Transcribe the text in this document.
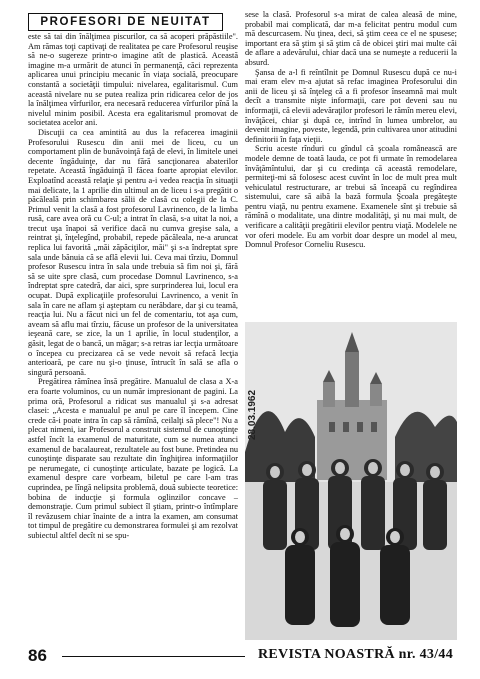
PROFESORI DE NEUITAT

este să tai din înălţimea piscurilor, ca să acoperi prăpăstiile". Am rămas toţi captivaţi de realitatea pe care Profesorul reuşise să ne-o sugereze printr-o imagine atît de plastică. Această imagine m-a urmărit de atunci în permanenţă, căci reprezenta aplicarea unui principiu mecanic în viaţa socială, preocupare constantă a societăţii timpului: nivelarea, egalitarismul. Cum această nivelare nu se putea realiza prin ridicarea celor de jos la înălţimea vîrfurilor, era necesară reducerea vîrfurilor pînă la nivelul minim posibil. Acesta era egalitarismul promovat de societatea acelor ani.

Discuţii ca cea amintită au dus la refacerea imaginii Profesorului Rusescu din anii mei de liceu, cu un comportament plin de bunăvoinţă faţă de elevi, în limitele unei decente îngăduinţe, dar nu fără sancţionarea abaterilor repetate. Această îngăduinţă îl făcea foarte apropiat elevilor. Exploatînd această relaţie şi pentru a-i vedea reacţia în situaţii mai delicate, la 1 aprilie din ultimul an de liceu i s-a pregătit o păcăleală prin schimbarea sălii de clasă cu colegii de la C. Primul venit la clasă a fost profesorul Lavrinenco, de la limba rusă, care avea oră cu C-ul; a intrat în clasă, s-a uitat la noi, a trecut uşa înapoi să verifice dacă nu cumva greşise sala, a reintrat şi, înţelegînd, probabil, repede păcăleala, ne-a aruncat replica lui favorită „măi zăpăciţilor, măi" şi s-a îndreptat spre sala unde bănuia că se află elevii lui. Ceva mai tîrziu, Domnul profesor Rusescu intra în sala unde trebuia să fim noi şi, fără să se uite spre clasă, cum procedase Domnul Lavrinenco, s-a îndreptat spre catedră, dar aici, spre surprinderea lui, locul era ocupat. După explicaţiile profesorului Lavrinenco, a venit în sala în care ne aflam şi aşteptam cu nerăbdare, dar şi cu teamă, reacţia lui. Nu a făcut nici un fel de comentariu, tot aşa cum, aveam să aflu mai tîrziu, făcuse un profesor de la universitatea ieşeană care, se zice, la un 1 aprilie, în locul studenţilor, a găsit, legat de o bancă, un măgar; s-a retras iar lecţia următoare o începea cu precizarea că se vede nevoit să refacă lecţia anterioară, pe care nu şi-o ţinuse, întrucît în sală se afla o singură persoană.

Pregătirea rămînea însă pregătire. Manualul de clasa a X-a era foarte voluminos, cu un număr impresionant de pagini. La prima oră, Profesorul a ridicat sus manualul şi s-a adresat clasei: „Acesta e manualul pe anul pe care îl începem. Cine crede că-i poate intra în cap să rămînă, ceilalţi să plece"! Nu a plecat nimeni, iar Profesorul a construit sistemul de cunoştinţe astfel încît la examenul de maturitate, cum se numea atunci examenul de bacalaureat, rezultatele au fost bune. Pretindea nu cunoştinţe disparate sau rezultate din înghiţirea informaţiilor pe nerumegate, ci cunoştinţe articulate, bazate pe logică. La examenul despre care vorbeam, biletul pe care l-am tras cuprindea, pe lîngă nelipsita problemă, două subiecte teoretice: bobina de inducţie şi formula oglinzilor concave – demonstraţie. Cum primul subiect îl ştiam, printr-o întîmplare îl revăzusem chiar înainte de a intra la examen, am consumat tot timpul de pregătire cu demonstrarea formulei şi am rezolvat subiectul altfel decît ni se spu-

sese la clasă. Profesorul s-a mirat de calea aleasă de mine, probabil mai complicată, dar m-a felicitat pentru modul cum mă descurcasem. Nu ţinea, deci, să ştim ceea ce el ne spusese; important era să ştim şi să ştim că de obicei ştiri mai multe căi de aflare a adevărului, chiar dacă una se numeşte a reducerii la absurd.

Şansa de a-l fi reîntîlnit pe Domnul Rusescu după ce nu-i mai eram elev m-a ajutat să refac imaginea Profesorului din anii de liceu şi să înţeleg că a fi profesor înseamnă mai mult decît a transmite nişte informaţii, care pot deveni sau nu informaţii, că elevii adevăraţilor profesori le rămîn mereu elevi, învăţăcei, chiar şi după ce, intrînd în lumea umbrelor, au devenit imagine, poveste, legendă, prin cultivarea unor atitudini definitorii în faţa vieţii.

Scriu aceste rînduri cu gîndul că şcoala românească are modele demne de toată lauda, ce pot fi urmate în remodelarea învăţămîntului, dar şi cu credinţa că această remodelare, permiteţi-mi să folosesc acest cuvînt în loc de mult prea mult vehiculatul restructurare, ar trebui să înceapă cu regîndirea sistemului, care să aibă la bază formula Şcoala pregăteşte pentru viaţă, nu pentru examene. Examenele sînt şi trebuie să rămînă o modalitate, una dintre modalităţi, şi nu mai mult, de verificare a calităţii pregătirii elevilor pentru viaţă. Modelele ne vor oferi modele. Eu am vorbit doar despre un model al meu, Domnul Profesor Corneliu Rusescu.

28.03.1962
86	REVISTA NOASTRĂ nr. 43/44
